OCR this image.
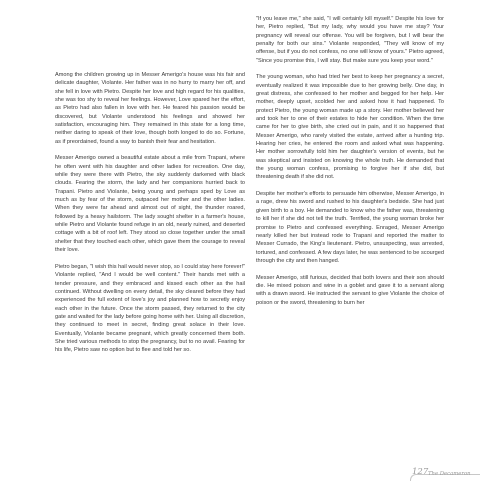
Among the children growing up in Messer Amerigo's house was his fair and delicate daughter, Violante. Her father was in no hurry to marry her off, and she fell in love with Pietro. Despite her love and high regard for his qualities, she was too shy to reveal her feelings. However, Love spared her the effort, as Pietro had also fallen in love with her. He feared his passion would be discovered, but Violante understood his feelings and showed her satisfaction, encouraging him. They remained in this state for a long time, neither daring to speak of their love, though both longed to do so. Fortune, as if preordained, found a way to banish their fear and hesitation.

Messer Amerigo owned a beautiful estate about a mile from Trapani, where he often went with his daughter and other ladies for recreation. One day, while they were there with Pietro, the sky suddenly darkened with black clouds. Fearing the storm, the lady and her companions hurried back to Trapani. Pietro and Violante, being young and perhaps sped by Love as much as by fear of the storm, outpaced her mother and the other ladies. When they were far ahead and almost out of sight, the thunder roared, followed by a heavy hailstorm. The lady sought shelter in a farmer's house, while Pietro and Violante found refuge in an old, nearly ruined, and deserted cottage with a bit of roof left. They stood so close together under the small shelter that they touched each other, which gave them the courage to reveal their love.

Pietro began, "I wish this hail would never stop, so I could stay here forever!" Violante replied, "And I would be well content." Their hands met with a tender pressure, and they embraced and kissed each other as the hail continued. Without dwelling on every detail, the sky cleared before they had experienced the full extent of love's joy and planned how to secretly enjoy each other in the future. Once the storm passed, they returned to the city gate and waited for the lady before going home with her. Using all discretion, they continued to meet in secret, finding great solace in their love. Eventually, Violante became pregnant, which greatly concerned them both. She tried various methods to stop the pregnancy, but to no avail. Fearing for his life, Pietro saw no option but to flee and told her so.

"If you leave me," she said, "I will certainly kill myself." Despite his love for her, Pietro replied, "But my lady, why would you have me stay? Your pregnancy will reveal our offense. You will be forgiven, but I will bear the penalty for both our sins." Violante responded, "They will know of my offense, but if you do not confess, no one will know of yours." Pietro agreed, "Since you promise this, I will stay. But make sure you keep your word."

The young woman, who had tried her best to keep her pregnancy a secret, eventually realized it was impossible due to her growing belly. One day, in great distress, she confessed to her mother and begged for her help. Her mother, deeply upset, scolded her and asked how it had happened. To protect Pietro, the young woman made up a story. Her mother believed her and took her to one of their estates to hide her condition. When the time came for her to give birth, she cried out in pain, and it so happened that Messer Amerigo, who rarely visited the estate, arrived after a hunting trip. Hearing her cries, he entered the room and asked what was happening. Her mother sorrowfully told him her daughter's version of events, but he was skeptical and insisted on knowing the whole truth. He demanded that the young woman confess, promising to forgive her if she did, but threatening death if she did not.

Despite her mother's efforts to persuade him otherwise, Messer Amerigo, in a rage, drew his sword and rushed to his daughter's bedside. She had just given birth to a boy. He demanded to know who the father was, threatening to kill her if she did not tell the truth. Terrified, the young woman broke her promise to Pietro and confessed everything. Enraged, Messer Amerigo nearly killed her but instead rode to Trapani and reported the matter to Messer Currado, the King's lieutenant. Pietro, unsuspecting, was arrested, tortured, and confessed. A few days later, he was sentenced to be scourged through the city and then hanged.

Messer Amerigo, still furious, decided that both lovers and their son should die. He mixed poison and wine in a goblet and gave it to a servant along with a drawn sword. He instructed the servant to give Violante the choice of poison or the sword, threatening to burn her

127 The Decameron
